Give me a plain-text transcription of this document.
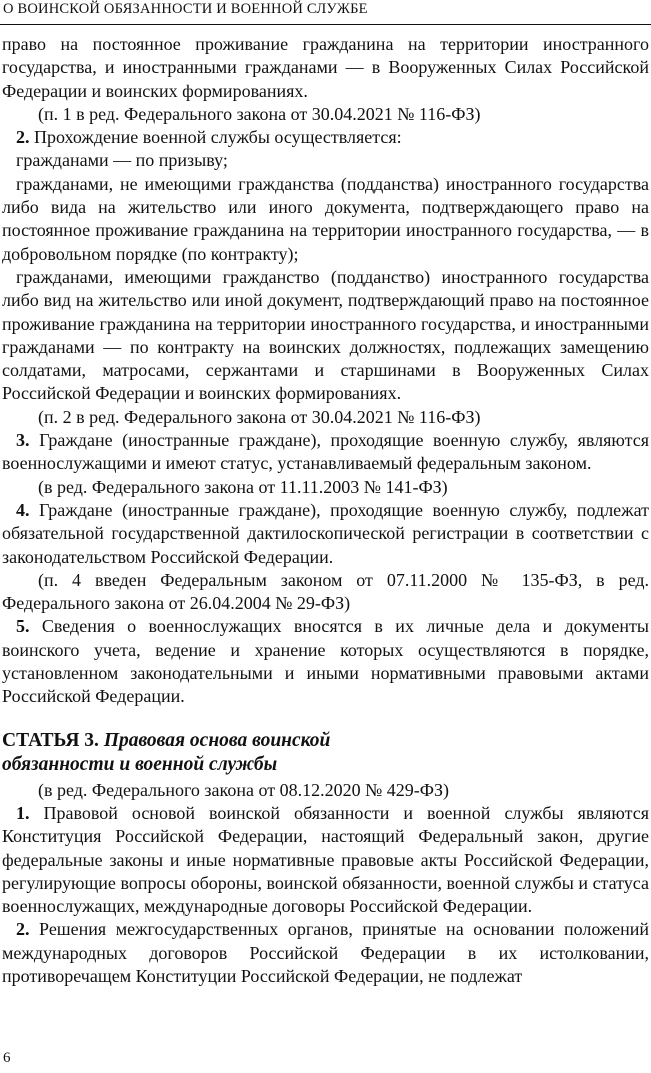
О ВОИНСКОЙ ОБЯЗАННОСТИ И ВОЕННОЙ СЛУЖБЕ

право на постоянное проживание гражданина на территории иностранного государства, и иностранными гражданами — в Вооруженных Силах Российской Федерации и воинских формированиях.

(п. 1 в ред. Федерального закона от 30.04.2021 № 116-ФЗ)

2. Прохождение военной службы осуществляется:

гражданами — по призыву;

гражданами, не имеющими гражданства (подданства) иностранного государства либо вида на жительство или иного документа, подтверждающего право на постоянное проживание гражданина на территории иностранного государства, — в добровольном порядке (по контракту);

гражданами, имеющими гражданство (подданство) иностранного государства либо вид на жительство или иной документ, подтверждающий право на постоянное проживание гражданина на территории иностранного государства, и иностранными гражданами — по контракту на воинских должностях, подлежащих замещению солдатами, матросами, сержантами и старшинами в Вооруженных Силах Российской Федерации и воинских формированиях.

(п. 2 в ред. Федерального закона от 30.04.2021 № 116-ФЗ)

3. Граждане (иностранные граждане), проходящие военную службу, являются военнослужащими и имеют статус, устанавливаемый федеральным законом.

(в ред. Федерального закона от 11.11.2003 № 141-ФЗ)

4. Граждане (иностранные граждане), проходящие военную службу, подлежат обязательной государственной дактилоскопической регистрации в соответствии с законодательством Российской Федерации.

(п. 4 введен Федеральным законом от 07.11.2000 № 135-ФЗ, в ред. Федерального закона от 26.04.2004 № 29-ФЗ)

5. Сведения о военнослужащих вносятся в их личные дела и документы воинского учета, ведение и хранение которых осуществляются в порядке, установленном законодательными и иными нормативными правовыми актами Российской Федерации.

СТАТЬЯ 3. Правовая основа воинской
обязанности и военной службы

(в ред. Федерального закона от 08.12.2020 № 429-ФЗ)

1. Правовой основой воинской обязанности и военной службы являются Конституция Российской Федерации, настоящий Федеральный закон, другие федеральные законы и иные нормативные правовые акты Российской Федерации, регулирующие вопросы обороны, воинской обязанности, военной службы и статуса военнослужащих, международные договоры Российской Федерации.

2. Решения межгосударственных органов, принятые на основании положений международных договоров Российской Федерации в их истолковании, противоречащем Конституции Российской Федерации, не подлежат

6
